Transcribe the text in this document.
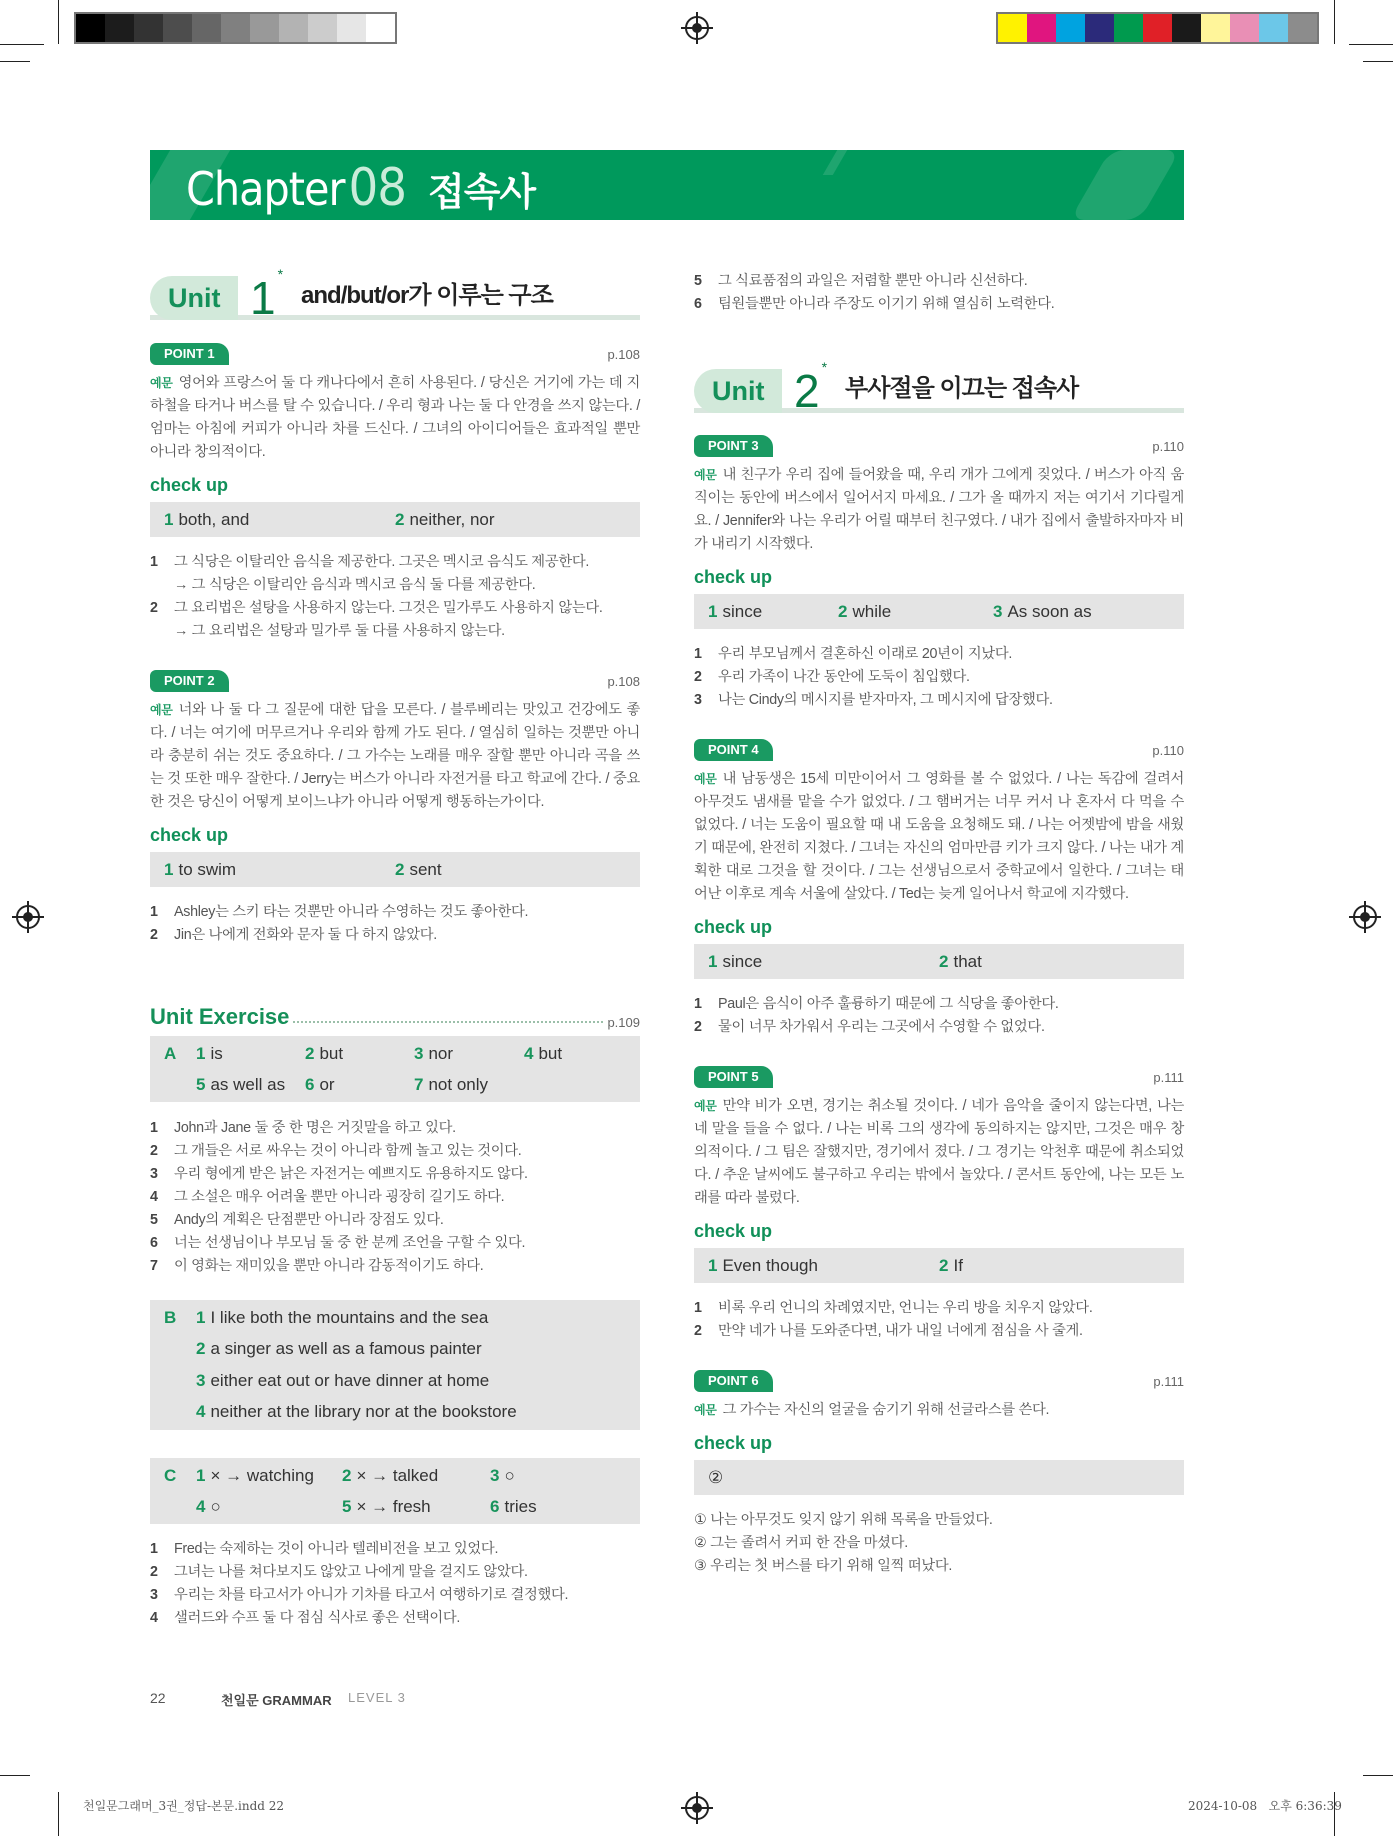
Chapter08 접속사
Unit 1 *
and/but/or가 이루는 구조
POINT 1	p.108
예문 영어와 프랑스어 둘 다 캐나다에서 흔히 사용된다. / 당신은 거기에 가는 데 지하철을 타거나 버스를 탈 수 있습니다. / 우리 형과 나는 둘 다 안경을 쓰지 않는다. / 엄마는 아침에 커피가 아니라 차를 드신다. / 그녀의 아이디어들은 효과적일 뿐만 아니라 창의적이다.
check up
1 both, and	2 neither, nor
1	그 식당은 이탈리안 음식을 제공한다. 그곳은 멕시코 음식도 제공한다.
→ 그 식당은 이탈리안 음식과 멕시코 음식 둘 다를 제공한다.
2	그 요리법은 설탕을 사용하지 않는다. 그것은 밀가루도 사용하지 않는다.
→ 그 요리법은 설탕과 밀가루 둘 다를 사용하지 않는다.
POINT 2	p.108
예문 너와 나 둘 다 그 질문에 대한 답을 모른다. / 블루베리는 맛있고 건강에도 좋다. / 너는 여기에 머무르거나 우리와 함께 가도 된다. / 열심히 일하는 것뿐만 아니라 충분히 쉬는 것도 중요하다. / 그 가수는 노래를 매우 잘할 뿐만 아니라 곡을 쓰는 것 또한 매우 잘한다. / Jerry는 버스가 아니라 자전거를 타고 학교에 간다. / 중요한 것은 당신이 어떻게 보이느냐가 아니라 어떻게 행동하는가이다.
check up
1 to swim	2 sent
1	Ashley는 스키 타는 것뿐만 아니라 수영하는 것도 좋아한다.
2	Jin은 나에게 전화와 문자 둘 다 하지 않았다.
Unit Exercise	p.109
A	1 is	2 but	3 nor	4 but
5 as well as	6 or	7 not only
1	John과 Jane 둘 중 한 명은 거짓말을 하고 있다.
2	그 개들은 서로 싸우는 것이 아니라 함께 놀고 있는 것이다.
3	우리 형에게 받은 낡은 자전거는 예쁘지도 유용하지도 않다.
4	그 소설은 매우 어려울 뿐만 아니라 굉장히 길기도 하다.
5	Andy의 계획은 단점뿐만 아니라 장점도 있다.
6	너는 선생님이나 부모님 둘 중 한 분께 조언을 구할 수 있다.
7	이 영화는 재미있을 뿐만 아니라 감동적이기도 하다.
B	1 I like both the mountains and the sea
2 a singer as well as a famous painter
3 either eat out or have dinner at home
4 neither at the library nor at the bookstore
C	1 × → watching	2 × → talked	3 ○
4 ○	5 × → fresh	6 tries
1	Fred는 숙제하는 것이 아니라 텔레비전을 보고 있었다.
2	그녀는 나를 쳐다보지도 않았고 나에게 말을 걸지도 않았다.
3	우리는 차를 타고서가 아니가 기차를 타고서 여행하기로 결정했다.
4	샐러드와 수프 둘 다 점심 식사로 좋은 선택이다.
5	그 식료품점의 과일은 저렴할 뿐만 아니라 신선하다.
6	팀원들뿐만 아니라 주장도 이기기 위해 열심히 노력한다.
Unit 2 *
부사절을 이끄는 접속사
POINT 3	p.110
예문 내 친구가 우리 집에 들어왔을 때, 우리 개가 그에게 짖었다. / 버스가 아직 움직이는 동안에 버스에서 일어서지 마세요. / 그가 올 때까지 저는 여기서 기다릴게요. / Jennifer와 나는 우리가 어릴 때부터 친구였다. / 내가 집에서 출발하자마자 비가 내리기 시작했다.
check up
1 since	2 while	3 As soon as
1	우리 부모님께서 결혼하신 이래로 20년이 지났다.
2	우리 가족이 나간 동안에 도둑이 침입했다.
3	나는 Cindy의 메시지를 받자마자, 그 메시지에 답장했다.
POINT 4	p.110
예문 내 남동생은 15세 미만이어서 그 영화를 볼 수 없었다. / 나는 독감에 걸려서 아무것도 냄새를 맡을 수가 없었다. / 그 햄버거는 너무 커서 나 혼자서 다 먹을 수 없었다. / 너는 도움이 필요할 때 내 도움을 요청해도 돼. / 나는 어젯밤에 밤을 새웠기 때문에, 완전히 지쳤다. / 그녀는 자신의 엄마만큼 키가 크지 않다. / 나는 내가 계획한 대로 그것을 할 것이다. / 그는 선생님으로서 중학교에서 일한다. / 그녀는 태어난 이후로 계속 서울에 살았다. / Ted는 늦게 일어나서 학교에 지각했다.
check up
1 since	2 that
1	Paul은 음식이 아주 훌륭하기 때문에 그 식당을 좋아한다.
2	물이 너무 차가워서 우리는 그곳에서 수영할 수 없었다.
POINT 5	p.111
예문 만약 비가 오면, 경기는 취소될 것이다. / 네가 음악을 줄이지 않는다면, 나는 네 말을 들을 수 없다. / 나는 비록 그의 생각에 동의하지는 않지만, 그것은 매우 창의적이다. / 그 팀은 잘했지만, 경기에서 졌다. / 그 경기는 악천후 때문에 취소되었다. / 추운 날씨에도 불구하고 우리는 밖에서 놀았다. / 콘서트 동안에, 나는 모든 노래를 따라 불렀다.
check up
1 Even though	2 If
1	비록 우리 언니의 차례였지만, 언니는 우리 방을 치우지 않았다.
2	만약 네가 나를 도와준다면, 내가 내일 너에게 점심을 사 줄게.
POINT 6	p.111
예문 그 가수는 자신의 얼굴을 숨기기 위해 선글라스를 쓴다.
check up
②
① 나는 아무것도 잊지 않기 위해 목록을 만들었다.
② 그는 졸려서 커피 한 잔을 마셨다.
③ 우리는 첫 버스를 타기 위해 일찍 떠났다.
22	천일문 GRAMMAR LEVEL 3
천일문그래머_3권_정답-본문.indd 22	2024-10-08   오후 6:36:39
